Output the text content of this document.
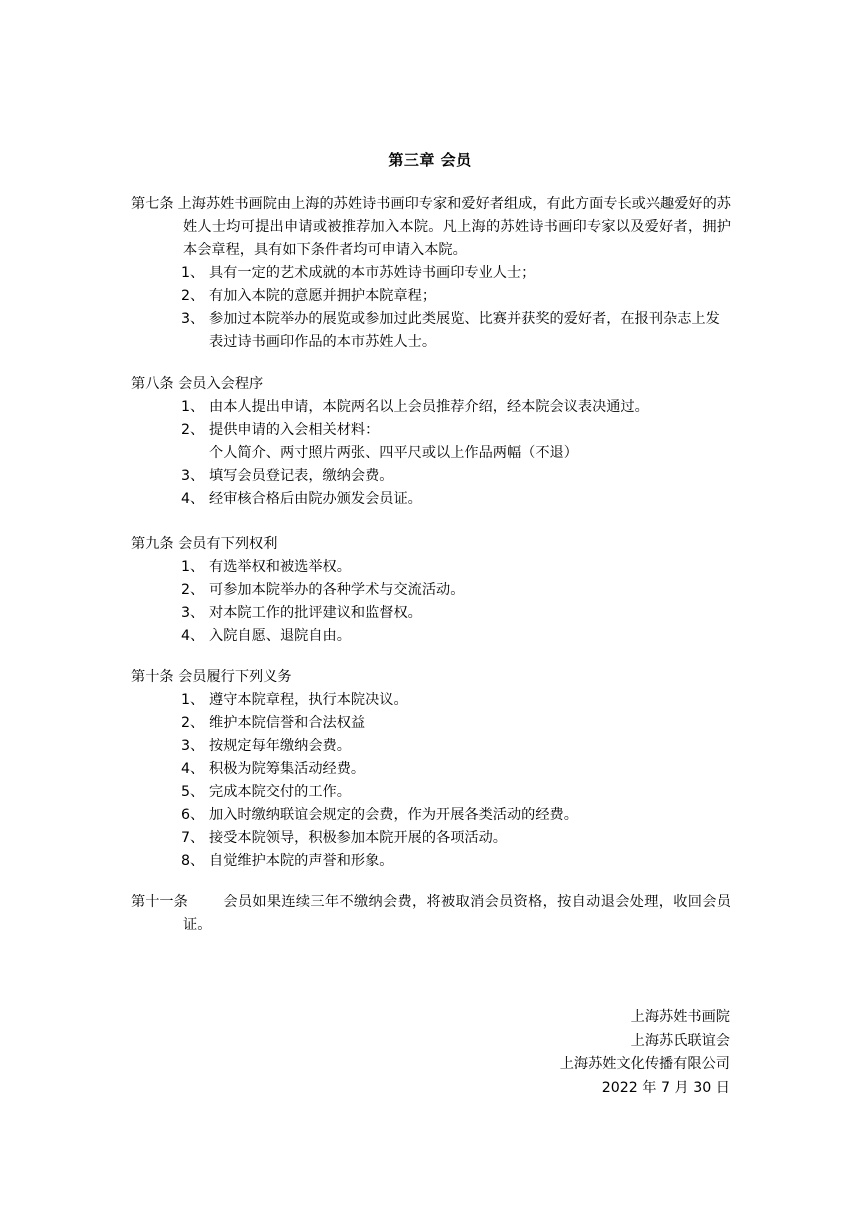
第三章 会员
第七条 上海苏姓书画院由上海的苏姓诗书画印专家和爱好者组成，有此方面专长或兴趣爱好的苏姓人士均可提出申请或被推荐加入本院。凡上海的苏姓诗书画印专家以及爱好者，拥护本会章程，具有如下条件者均可申请入本院。
1、 具有一定的艺术成就的本市苏姓诗书画印专业人士；
2、 有加入本院的意愿并拥护本院章程；
3、 参加过本院举办的展览或参加过此类展览、比赛并获奖的爱好者，在报刊杂志上发表过诗书画印作品的本市苏姓人士。
第八条 会员入会程序
1、 由本人提出申请，本院两名以上会员推荐介绍，经本院会议表决通过。
2、 提供申请的入会相关材料：
个人简介、两寸照片两张、四平尺或以上作品两幅（不退）
3、 填写会员登记表，缴纳会费。
4、 经审核合格后由院办颁发会员证。
第九条 会员有下列权利
1、 有选举权和被选举权。
2、 可参加本院举办的各种学术与交流活动。
3、 对本院工作的批评建议和监督权。
4、 入院自愿、退院自由。
第十条 会员履行下列义务
1、 遵守本院章程，执行本院决议。
2、 维护本院信誉和合法权益
3、 按规定每年缴纳会费。
4、 积极为院筹集活动经费。
5、 完成本院交付的工作。
6、 加入时缴纳联谊会规定的会费，作为开展各类活动的经费。
7、 接受本院领导，积极参加本院开展的各项活动。
8、 自觉维护本院的声誉和形象。
第十一条 会员如果连续三年不缴纳会费，将被取消会员资格，按自动退会处理，收回会员证。
上海苏姓书画院
上海苏氏联谊会
上海苏姓文化传播有限公司
2022 年 7 月 30 日
